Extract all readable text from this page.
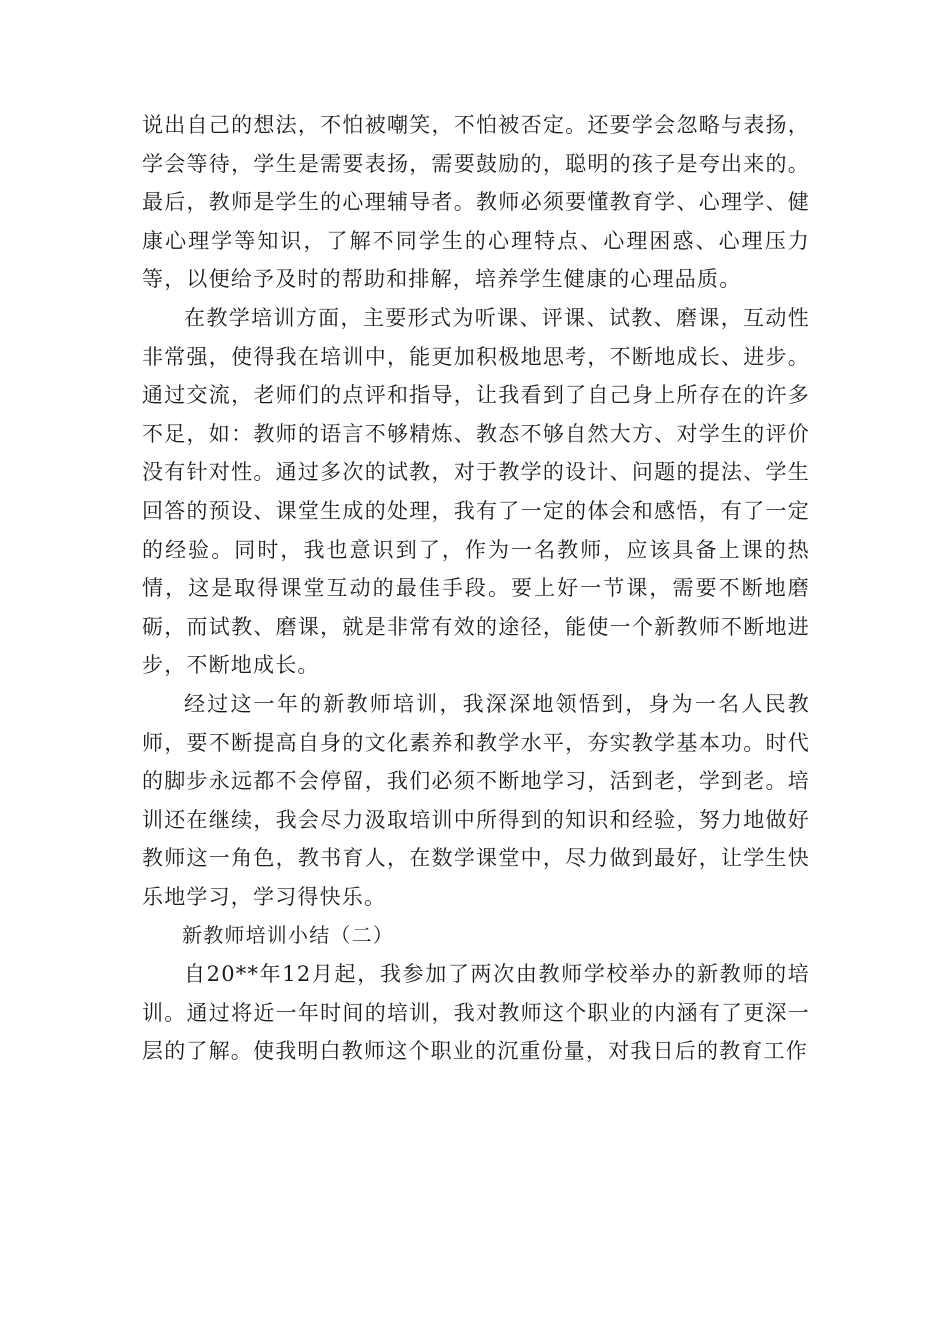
说出自己的想法，不怕被嘲笑，不怕被否定。还要学会忽略与表扬，学会等待，学生是需要表扬，需要鼓励的，聪明的孩子是夸出来的。最后，教师是学生的心理辅导者。教师必须要懂教育学、心理学、健康心理学等知识，了解不同学生的心理特点、心理困惑、心理压力等，以便给予及时的帮助和排解，培养学生健康的心理品质。

在教学培训方面，主要形式为听课、评课、试教、磨课，互动性非常强，使得我在培训中，能更加积极地思考，不断地成长、进步。通过交流，老师们的点评和指导，让我看到了自己身上所存在的许多不足，如：教师的语言不够精炼、教态不够自然大方、对学生的评价没有针对性。通过多次的试教，对于教学的设计、问题的提法、学生回答的预设、课堂生成的处理，我有了一定的体会和感悟，有了一定的经验。同时，我也意识到了，作为一名教师，应该具备上课的热情，这是取得课堂互动的最佳手段。要上好一节课，需要不断地磨砺，而试教、磨课，就是非常有效的途径，能使一个新教师不断地进步，不断地成长。

经过这一年的新教师培训，我深深地领悟到，身为一名人民教师，要不断提高自身的文化素养和教学水平，夯实教学基本功。时代的脚步永远都不会停留，我们必须不断地学习，活到老，学到老。培训还在继续，我会尽力汲取培训中所得到的知识和经验，努力地做好教师这一角色，教书育人，在数学课堂中，尽力做到最好，让学生快乐地学习，学习得快乐。

新教师培训小结（二）

自20**年12月起，我参加了两次由教师学校举办的新教师的培训。通过将近一年时间的培训，我对教师这个职业的内涵有了更深一层的了解。使我明白教师这个职业的沉重份量，对我日后的教育工作
